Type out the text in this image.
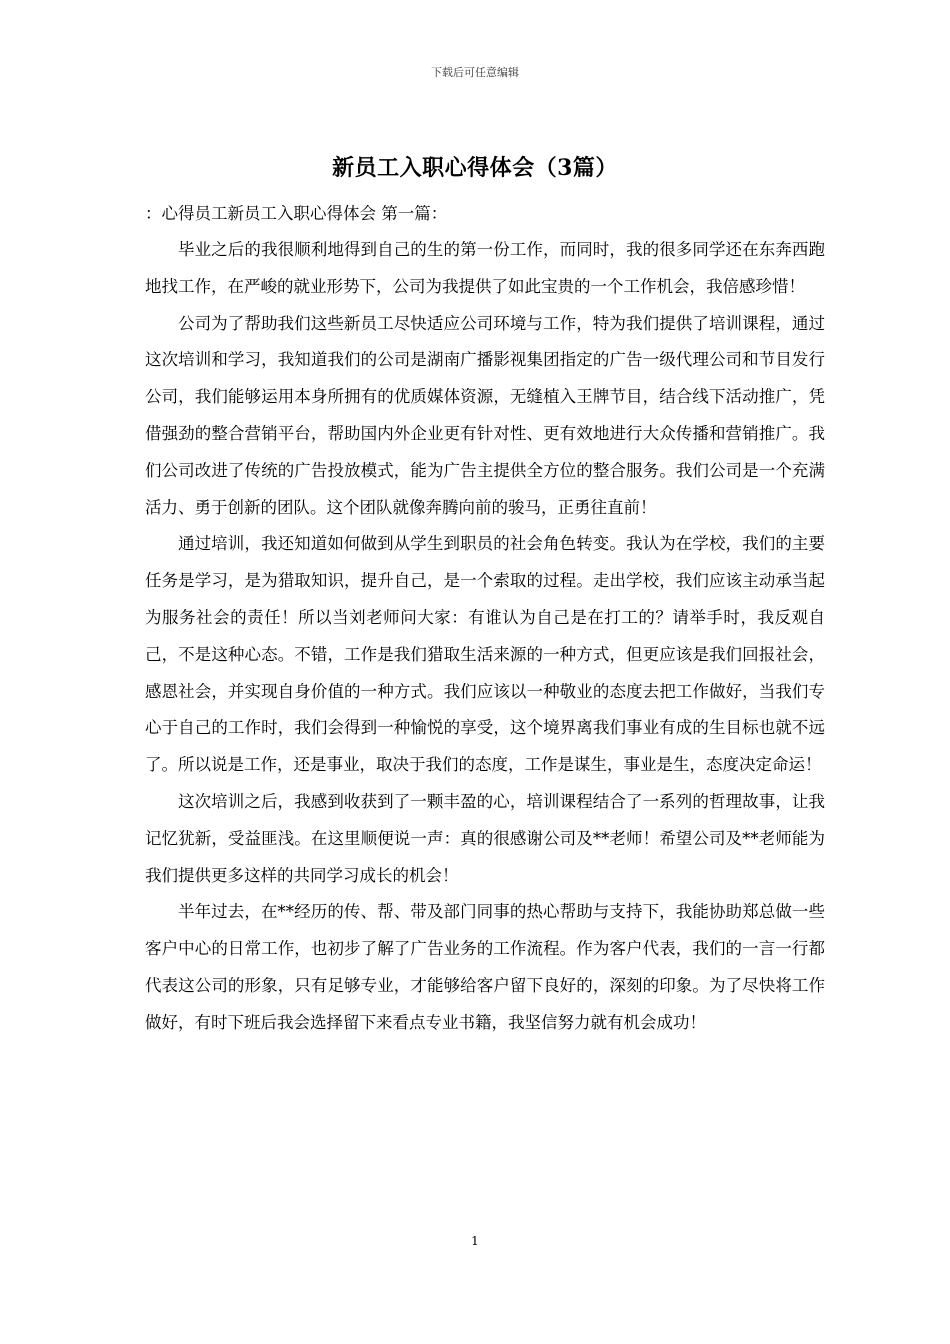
下载后可任意编辑
新员工入职心得体会（3篇）

：心得员工新员工入职心得体会 第一篇：

毕业之后的我很顺利地得到自己的生的第一份工作，而同时，我的很多同学还在东奔西跑地找工作，在严峻的就业形势下，公司为我提供了如此宝贵的一个工作机会，我倍感珍惜！

公司为了帮助我们这些新员工尽快适应公司环境与工作，特为我们提供了培训课程，通过这次培训和学习，我知道我们的公司是湖南广播影视集团指定的广告一级代理公司和节目发行公司，我们能够运用本身所拥有的优质媒体资源，无缝植入王牌节目，结合线下活动推广，凭借强劲的整合营销平台，帮助国内外企业更有针对性、更有效地进行大众传播和营销推广。我们公司改进了传统的广告投放模式，能为广告主提供全方位的整合服务。我们公司是一个充满活力、勇于创新的团队。这个团队就像奔腾向前的骏马，正勇往直前！

通过培训，我还知道如何做到从学生到职员的社会角色转变。我认为在学校，我们的主要任务是学习，是为猎取知识，提升自己，是一个索取的过程。走出学校，我们应该主动承当起为服务社会的责任！所以当刘老师问大家：有谁认为自己是在打工的？请举手时，我反观自己，不是这种心态。不错，工作是我们猎取生活来源的一种方式，但更应该是我们回报社会，感恩社会，并实现自身价值的一种方式。我们应该以一种敬业的态度去把工作做好，当我们专心于自己的工作时，我们会得到一种愉悦的享受，这个境界离我们事业有成的生目标也就不远了。所以说是工作，还是事业，取决于我们的态度，工作是谋生，事业是生，态度决定命运！

这次培训之后，我感到收获到了一颗丰盈的心，培训课程结合了一系列的哲理故事，让我记忆犹新，受益匪浅。在这里顺便说一声：真的很感谢公司及**老师！希望公司及**老师能为我们提供更多这样的共同学习成长的机会！

半年过去，在**经历的传、帮、带及部门同事的热心帮助与支持下，我能协助郑总做一些客户中心的日常工作，也初步了解了广告业务的工作流程。作为客户代表，我们的一言一行都代表这公司的形象，只有足够专业，才能够给客户留下良好的，深刻的印象。为了尽快将工作做好，有时下班后我会选择留下来看点专业书籍，我坚信努力就有机会成功！

1
